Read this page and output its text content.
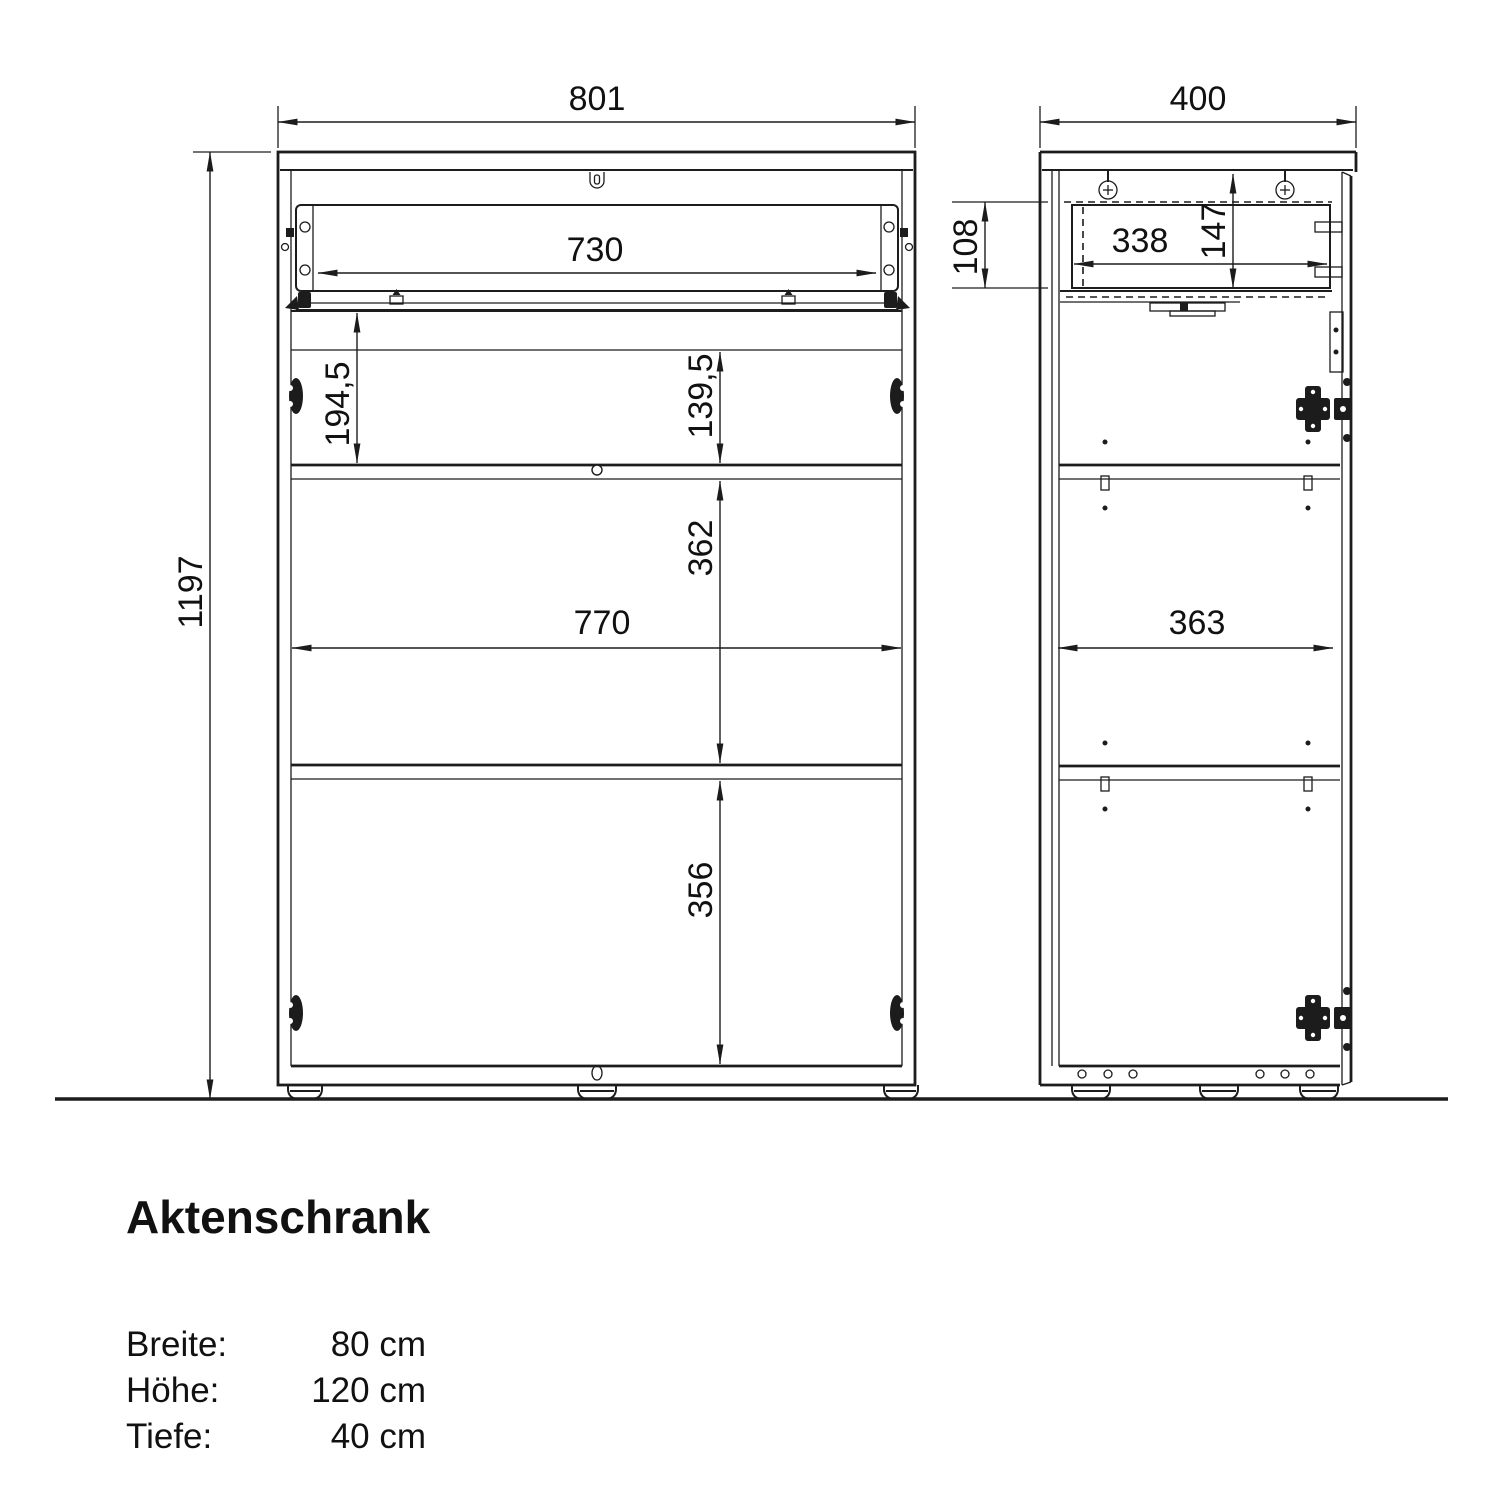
801
1197
730
194,5	139,5
362
770
356
400
108	338 147
363
Aktenschrank
Breite:	80 cm
Höhe:	120 cm
Tiefe:	40 cm
